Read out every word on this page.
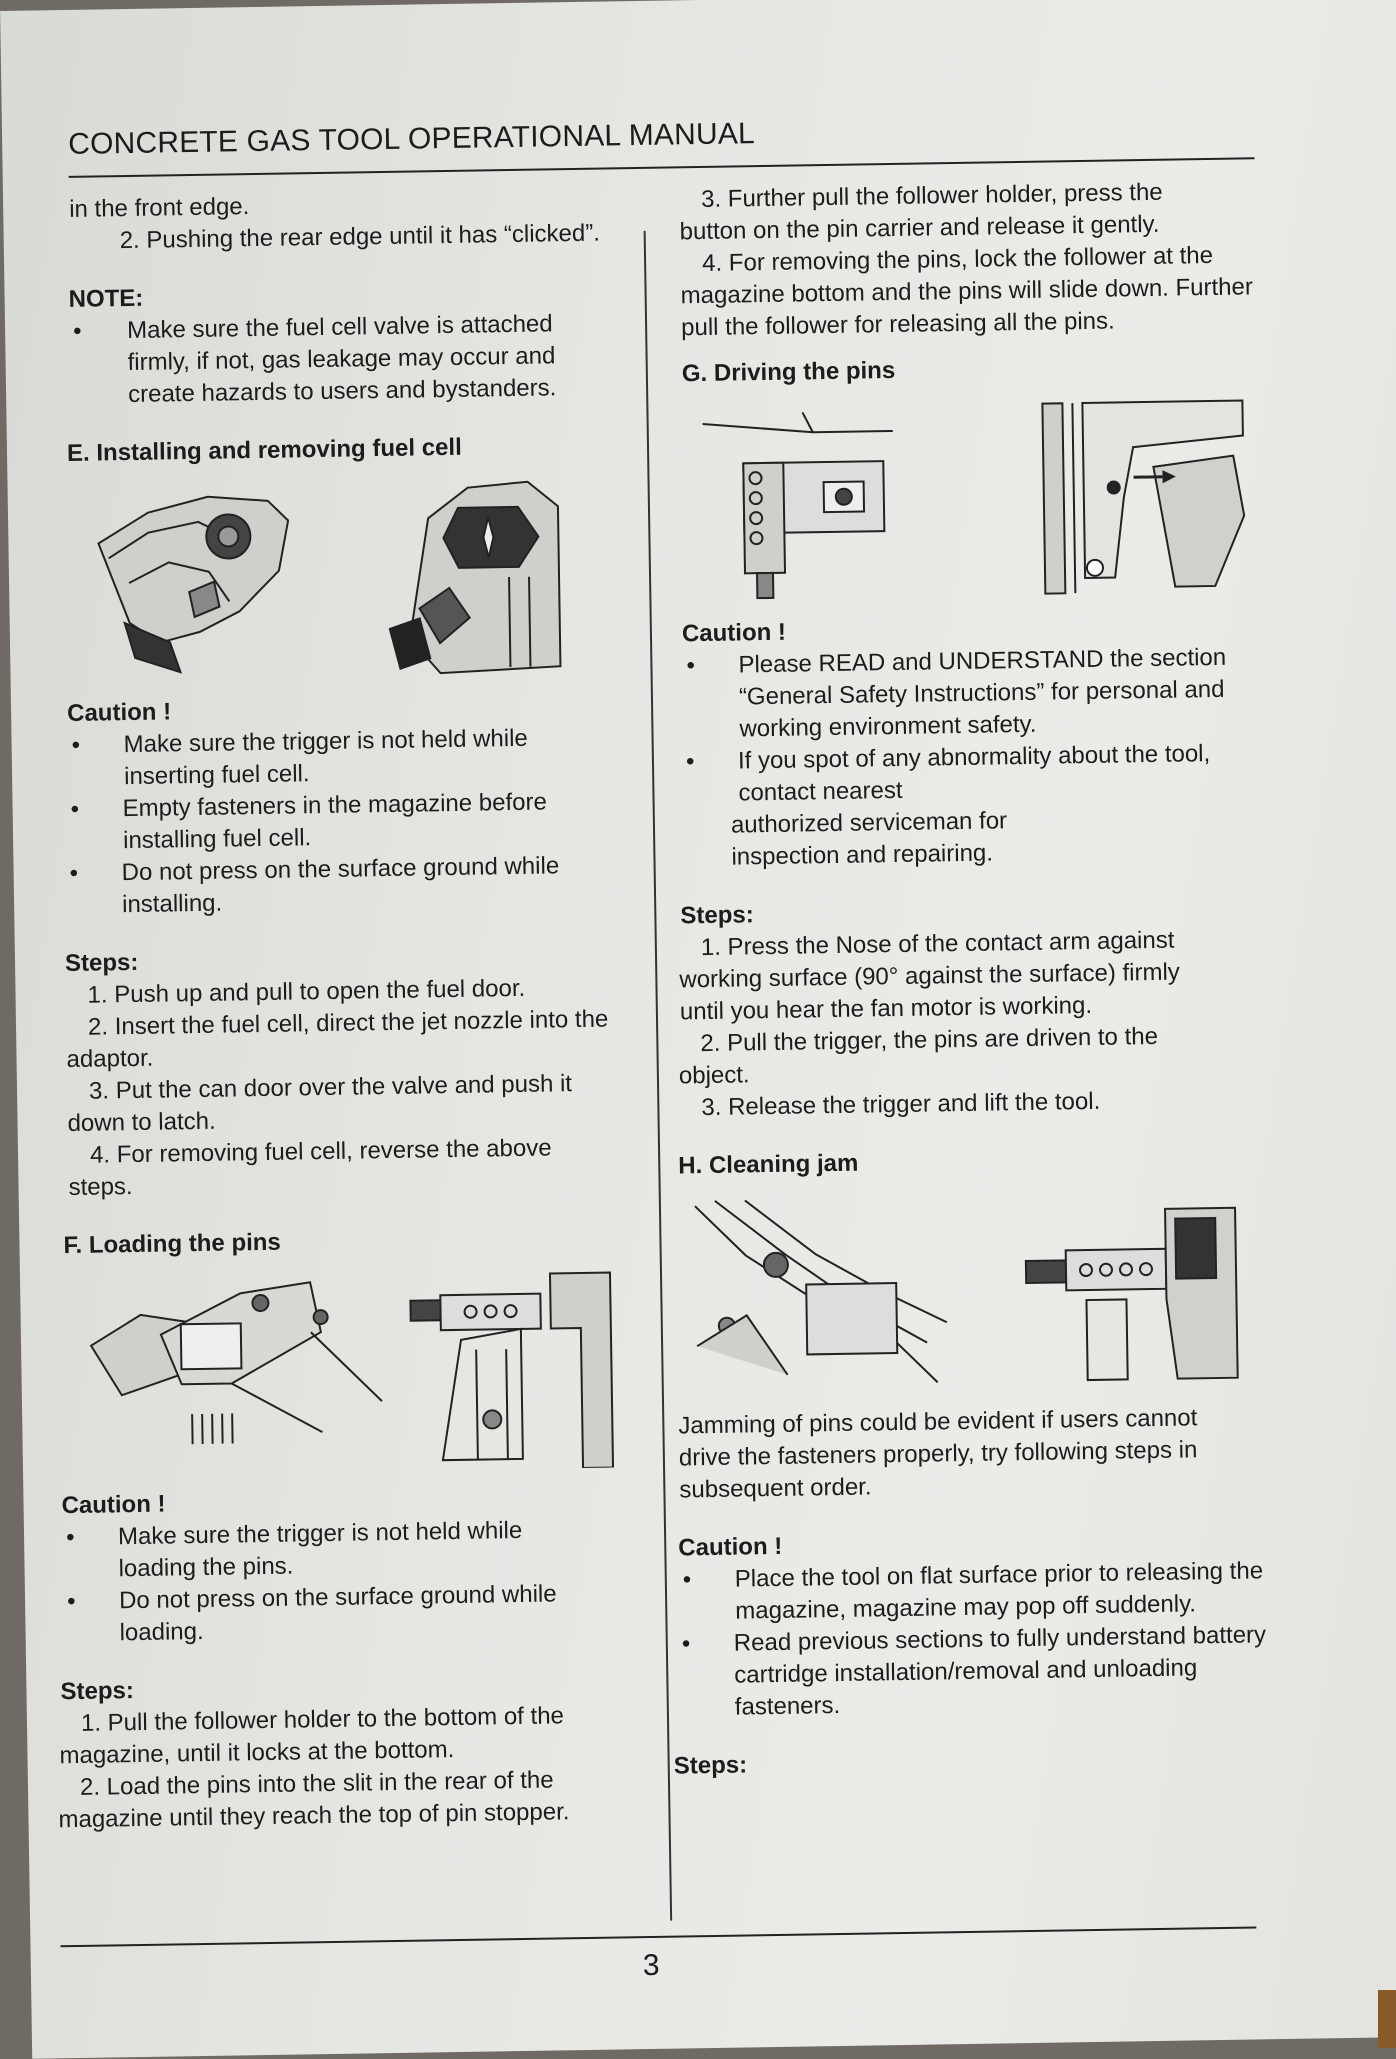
CONCRETE GAS TOOL OPERATIONAL MANUAL

in the front edge.

2. Pushing the rear edge until it has “clicked”.

NOTE:

• Make sure the fuel cell valve is attached firmly, if not, gas leakage may occur and create hazards to users and bystanders.

E. Installing and removing fuel cell

Caution !

• Make sure the trigger is not held while inserting fuel cell.

• Empty fasteners in the magazine before installing fuel cell.

• Do not press on the surface ground while installing.

Steps:

1. Push up and pull to open the fuel door.

2. Insert the fuel cell, direct the jet nozzle into the adaptor.

3. Put the can door over the valve and push it down to latch.

4. For removing fuel cell, reverse the above steps.

F. Loading the pins

Caution !

• Make sure the trigger is not held while loading the pins.

• Do not press on the surface ground while loading.

Steps:

1. Pull the follower holder to the bottom of the magazine, until it locks at the bottom.

2. Load the pins into the slit in the rear of the magazine until they reach the top of pin stopper.

3. Further pull the follower holder, press the button on the pin carrier and release it gently.

4. For removing the pins, lock the follower at the magazine bottom and the pins will slide down. Further pull the follower for releasing all the pins.

G. Driving the pins

Caution !

• Please READ and UNDERSTAND the section “General Safety Instructions” for personal and working environment safety.

• If you spot of any abnormality about the tool, contact nearest

authorized serviceman for inspection and repairing.

Steps:

1. Press the Nose of the contact arm against working surface (90° against the surface) firmly until you hear the fan motor is working.

2. Pull the trigger, the pins are driven to the object.

3. Release the trigger and lift the tool.

H. Cleaning jam

Jamming of pins could be evident if users cannot drive the fasteners properly, try following steps in subsequent order.

Caution !

• Place the tool on flat surface prior to releasing the magazine, magazine may pop off suddenly.

• Read previous sections to fully understand battery cartridge installation/removal and unloading fasteners.

Steps:

3
